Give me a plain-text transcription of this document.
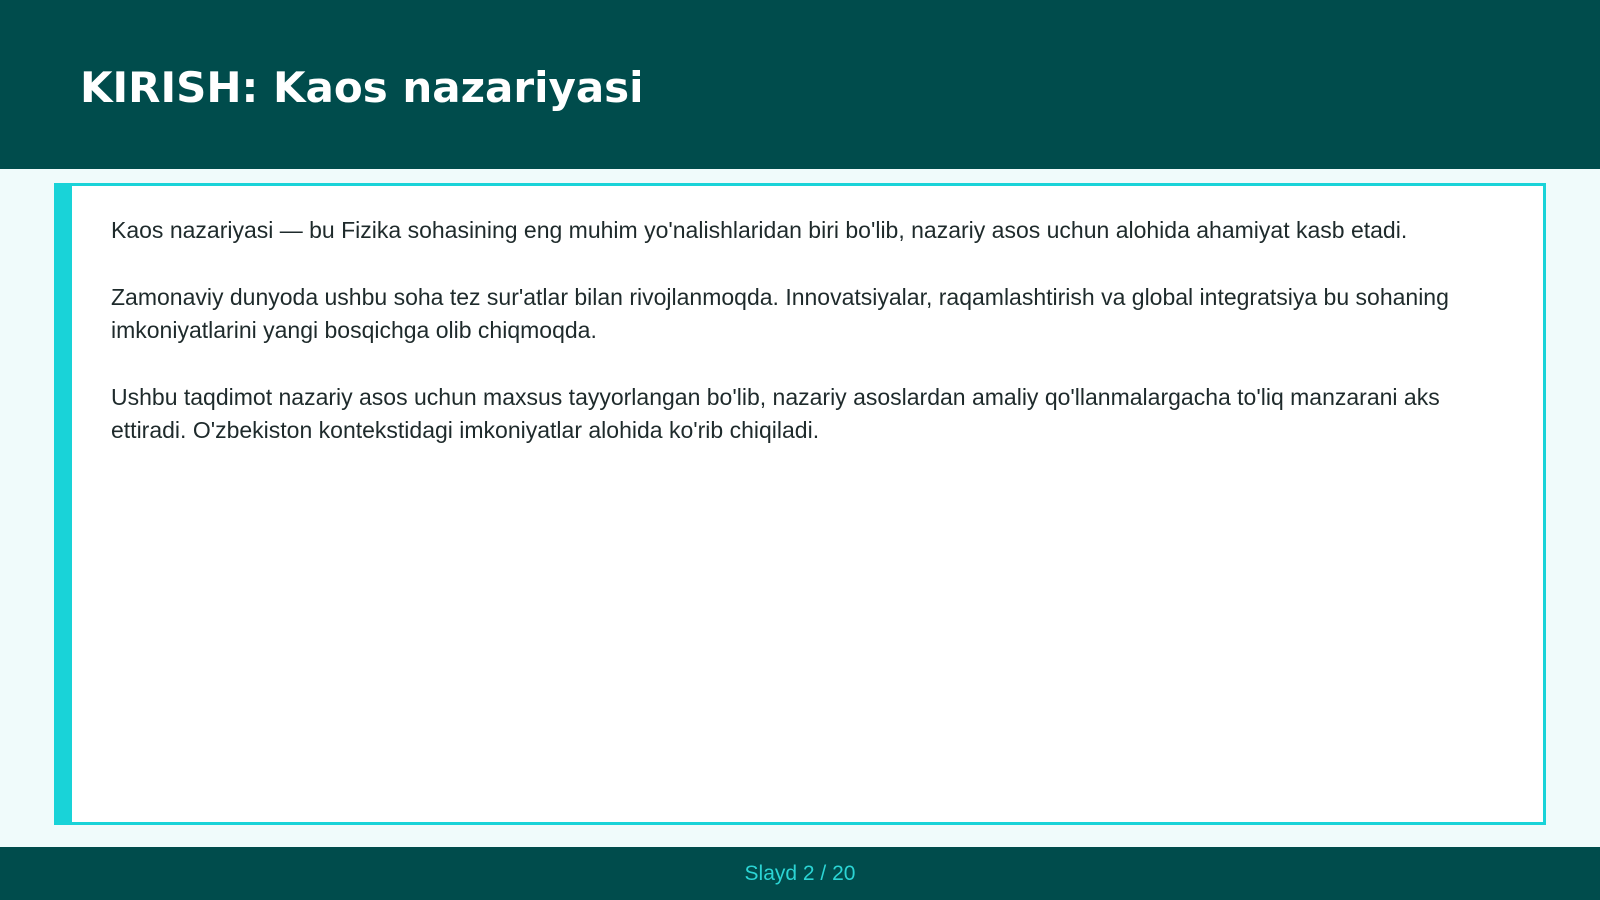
KIRISH: Kaos nazariyasi

Kaos nazariyasi — bu Fizika sohasining eng muhim yo'nalishlaridan biri bo'lib, nazariy asos uchun alohida ahamiyat kasb etadi.

Zamonaviy dunyoda ushbu soha tez sur'atlar bilan rivojlanmoqda. Innovatsiyalar, raqamlashtirish va global integratsiya bu sohaning imkoniyatlarini yangi bosqichga olib chiqmoqda.

Ushbu taqdimot nazariy asos uchun maxsus tayyorlangan bo'lib, nazariy asoslardan amaliy qo'llanmalargacha to'liq manzarani aks ettiradi. O'zbekiston kontekstidagi imkoniyatlar alohida ko'rib chiqiladi.

Slayd 2 / 20
